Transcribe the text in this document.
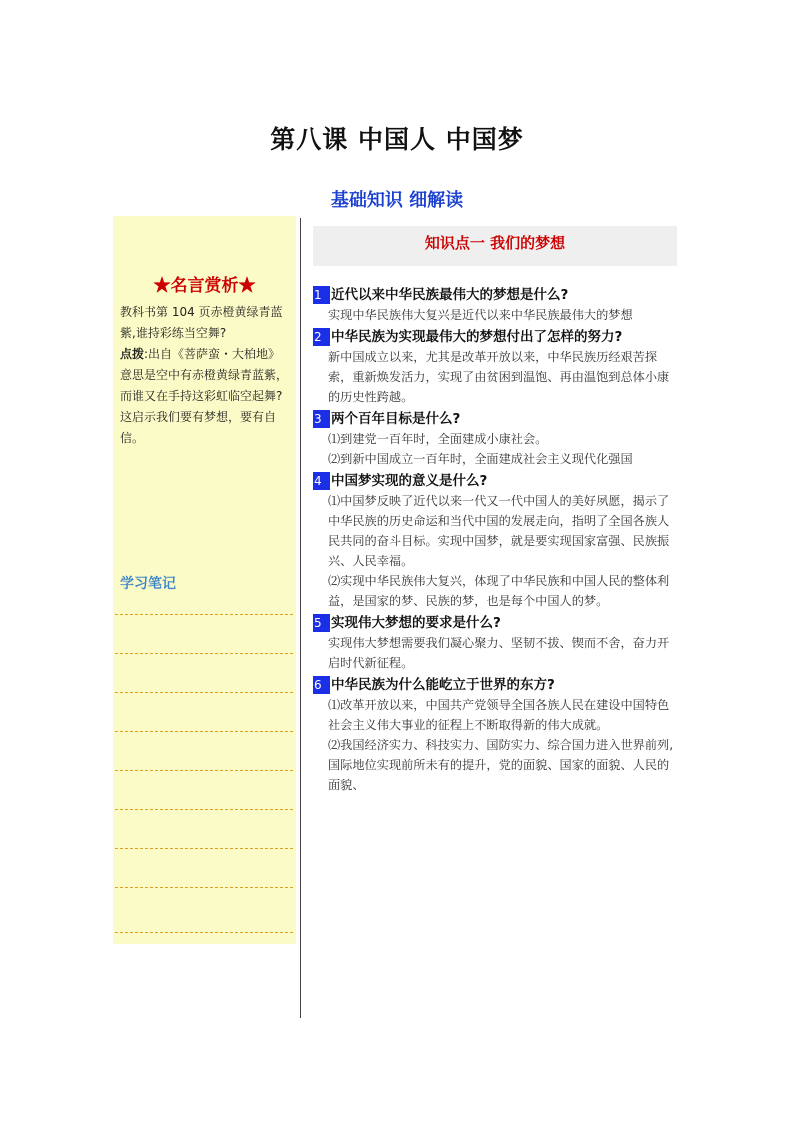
第八课 中国人 中国梦
基础知识 细解读
★名言赏析★
教科书第 104 页赤橙黄绿青蓝紫,谁持彩练当空舞?
点拨:出自《菩萨蛮・大柏地》
意思是空中有赤橙黄绿青蓝紫，而谁又在手持这彩虹临空起舞?这启示我们要有梦想，要有自信。
学习笔记
知识点一 我们的梦想
1 近代以来中华民族最伟大的梦想是什么?
实现中华民族伟大复兴是近代以来中华民族最伟大的梦想
2 中华民族为实现最伟大的梦想付出了怎样的努力?
新中国成立以来，尤其是改革开放以来，中华民族历经艰苦探索，重新焕发活力，实现了由贫困到温饱、再由温饱到总体小康的历史性跨越。
3 两个百年目标是什么?
⑴到建党一百年时，全面建成小康社会。
⑵到新中国成立一百年时，全面建成社会主义现代化强国
4 中国梦实现的意义是什么?
⑴中国梦反映了近代以来一代又一代中国人的美好夙愿，揭示了中华民族的历史命运和当代中国的发展走向，指明了全国各族人民共同的奋斗目标。实现中国梦，就是要实现国家富强、民族振兴、人民幸福。
⑵实现中华民族伟大复兴，体现了中华民族和中国人民的整体利益，是国家的梦、民族的梦，也是每个中国人的梦。
5 实现伟大梦想的要求是什么?
实现伟大梦想需要我们凝心聚力、坚韧不拔、锲而不舍，奋力开启时代新征程。
6 中华民族为什么能屹立于世界的东方?
⑴改革开放以来，中国共产党领导全国各族人民在建设中国特色社会主义伟大事业的征程上不断取得新的伟大成就。
⑵我国经济实力、科技实力、国防实力、综合国力进入世界前列,国际地位实现前所未有的提升，党的面貌、国家的面貌、人民的面貌、
